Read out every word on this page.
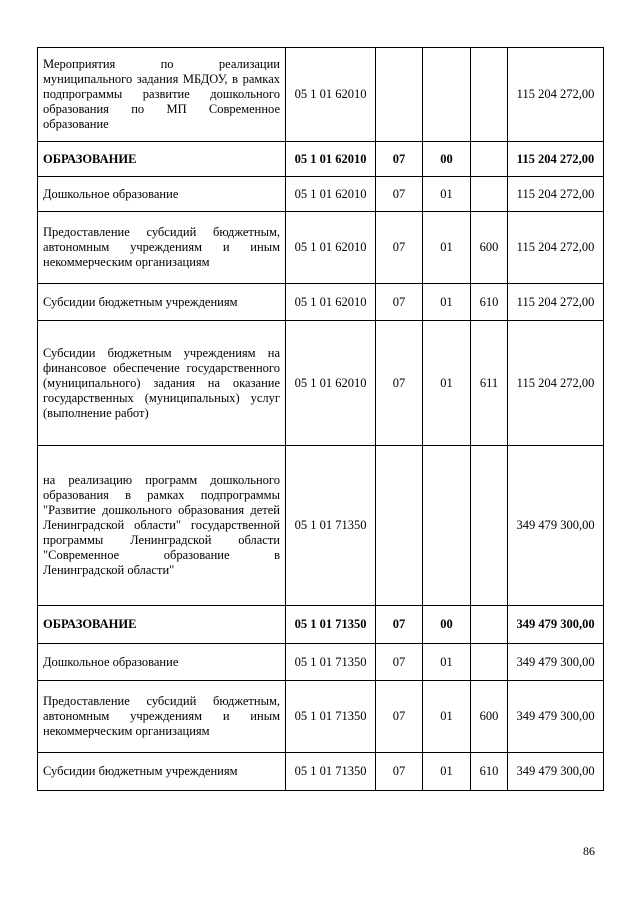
Мероприятия по реализации муниципального задания МБДОУ, в рамках подпрограммы развитие дошкольного образования по МП Современное образование	05 1 01 62010				115 204 272,00
ОБРАЗОВАНИЕ	05 1 01 62010	07	00		115 204 272,00
Дошкольное образование	05 1 01 62010	07	01		115 204 272,00
Предоставление субсидий бюджетным, автономным учреждениям и иным некоммерческим организациям	05 1 01 62010	07	01	600	115 204 272,00
Субсидии бюджетным учреждениям	05 1 01 62010	07	01	610	115 204 272,00
Субсидии бюджетным учреждениям на финансовое обеспечение государственного (муниципального) задания на оказание государственных (муниципальных) услуг (выполнение работ)	05 1 01 62010	07	01	611	115 204 272,00
на реализацию программ дошкольного образования в рамках подпрограммы "Развитие дошкольного образования детей Ленинградской области" государственной программы Ленинградской области "Современное образование в Ленинградской области"	05 1 01 71350				349 479 300,00
ОБРАЗОВАНИЕ	05 1 01 71350	07	00		349 479 300,00
Дошкольное образование	05 1 01 71350	07	01		349 479 300,00
Предоставление субсидий бюджетным, автономным учреждениям и иным некоммерческим организациям	05 1 01 71350	07	01	600	349 479 300,00
Субсидии бюджетным учреждениям	05 1 01 71350	07	01	610	349 479 300,00
86
